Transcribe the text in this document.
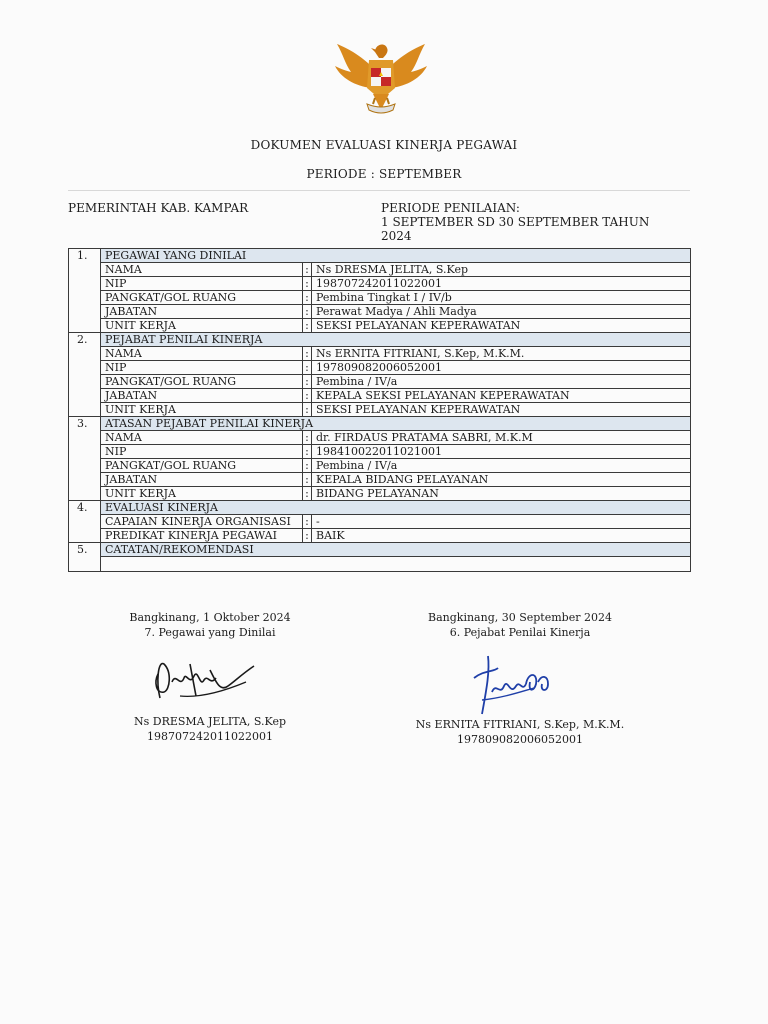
DOKUMEN EVALUASI KINERJA PEGAWAI
PERIODE : SEPTEMBER
PEMERINTAH KAB. KAMPAR	PERIODE PENILAIAN:
1 SEPTEMBER SD 30 SEPTEMBER TAHUN
2024
1.	PEGAWAI YANG DINILAI		
	NAMA	:	Ns DRESMA JELITA, S.Kep
	NIP	:	198707242011022001
	PANGKAT/GOL RUANG	:	Pembina Tingkat I / IV/b
	JABATAN	:	Perawat Madya / Ahli Madya
	UNIT KERJA	:	SEKSI PELAYANAN KEPERAWATAN
2.	PEJABAT PENILAI KINERJA		
	NAMA	:	Ns ERNITA FITRIANI, S.Kep, M.K.M.
	NIP	:	197809082006052001
	PANGKAT/GOL RUANG	:	Pembina / IV/a
	JABATAN	:	KEPALA SEKSI PELAYANAN KEPERAWATAN
	UNIT KERJA	:	SEKSI PELAYANAN KEPERAWATAN
3.	ATASAN PEJABAT PENILAI KINERJA		
	NAMA	:	dr. FIRDAUS PRATAMA SABRI, M.K.M
	NIP	:	198410022011021001
	PANGKAT/GOL RUANG	:	Pembina / IV/a
	JABATAN	:	KEPALA BIDANG PELAYANAN
	UNIT KERJA	:	BIDANG PELAYANAN
4.	EVALUASI KINERJA		
	CAPAIAN KINERJA ORGANISASI	:	-
	PREDIKAT KINERJA PEGAWAI	:	BAIK
5.	CATATAN/REKOMENDASI		

Bangkinang, 1 Oktober 2024
7. Pegawai yang Dinilai
Ns DRESMA JELITA, S.Kep
198707242011022001
Bangkinang, 30 September 2024
6. Pejabat Penilai Kinerja
Ns ERNITA FITRIANI, S.Kep, M.K.M.
197809082006052001
